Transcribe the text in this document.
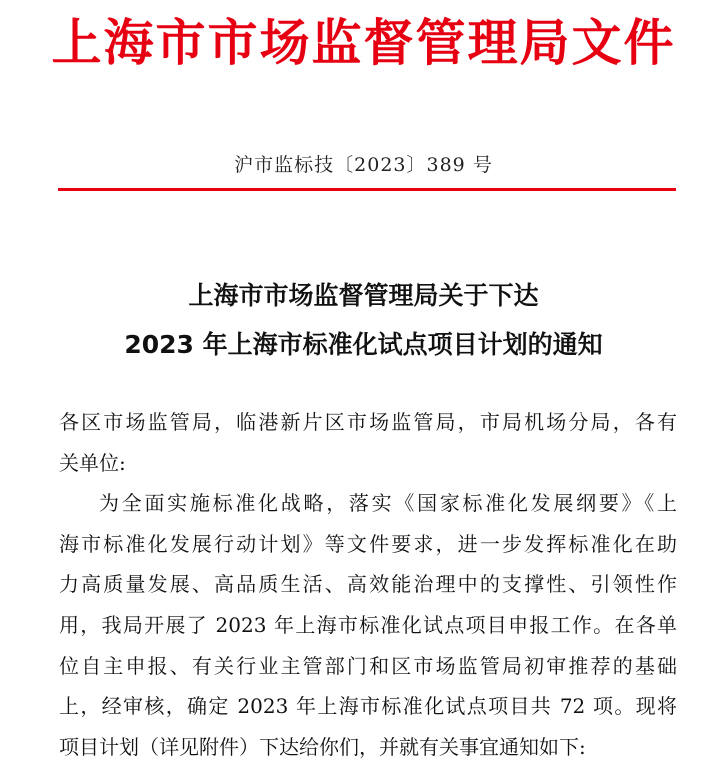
上海市市场监督管理局文件
沪市监标技〔2023〕389 号
上海市市场监督管理局关于下达
2023 年上海市标准化试点项目计划的通知
各区市场监管局，临港新片区市场监管局，市局机场分局，各有
关单位:
为全面实施标准化战略，落实《国家标准化发展纲要》《上
海市标准化发展行动计划》等文件要求，进一步发挥标准化在助
力高质量发展、高品质生活、高效能治理中的支撑性、引领性作
用，我局开展了 2023 年上海市标准化试点项目申报工作。在各单
位自主申报、有关行业主管部门和区市场监管局初审推荐的基础
上，经审核，确定 2023 年上海市标准化试点项目共 72 项。现将
项目计划（详见附件）下达给你们，并就有关事宜通知如下:
